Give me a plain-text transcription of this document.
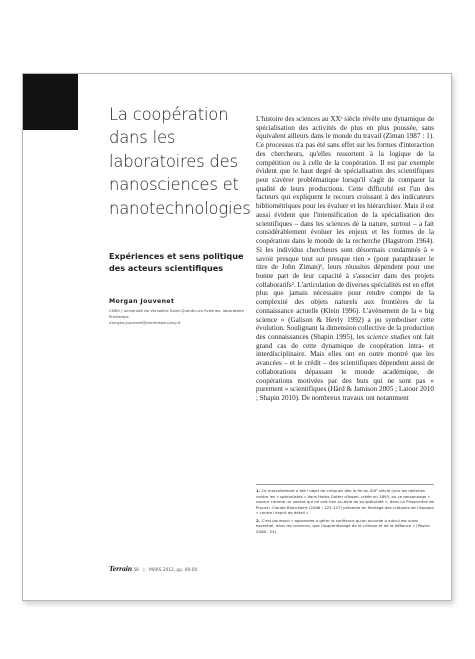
La coopération dans les laboratoires des nanosciences et nanotechnologies

Expériences et sens politique des acteurs scientifiques

Morgan Jouvenet

CNRS / université de Versailles Saint-Quentin-en-Yvelines, laboratoire Printemps

morgan.jouvenet@printemps.uvsq.fr

L'histoire des sciences au XXᵉ siècle révèle une dynamique de spécialisation des activités de plus en plus poussée, sans équivalent ailleurs dans le monde du travail (Ziman 1987 : 1). Ce processus n'a pas été sans effet sur les formes d'interaction des chercheurs, qu'elles ressortent à la logique de la compétition ou à celle de la coopération. Il est par exemple évident que le haut degré de spécialisation des scientifiques peut s'avérer problématique lorsqu'il s'agit de comparer la qualité de leurs productions. Cette difficulté est l'un des facteurs qui expliquent le recours croissant à des indicateurs bibliométriques pour les évaluer et les hiérarchiser. Mais il est aussi évident que l'intensification de la spécialisation des scientifiques – dans les sciences de la nature, surtout – a fait considérablement évoluer les enjeux et les formes de la coopération dans le monde de la recherche (Hagstrom 1964). Si les individus chercheurs sont désormais condamnés à « savoir presque tout sur presque rien » (pour paraphraser le titre de John Ziman)¹, leurs réussites dépendent pour une bonne part de leur capacité à s'associer dans des projets collaboratifs². L'articulation de diverses spécialités est en effet plus que jamais nécessaire pour rendre compte de la complexité des objets naturels aux frontières de la connaissance actuelle (Klein 1996). L'avènement de la « big science » (Galison & Hevly 1992) a pu symboliser cette évolution. Soulignant la dimension collective de la production des connaissances (Shapin 1995), les science studies ont fait grand cas de cette dynamique de coopération intra- et interdisciplinaire. Mais elles ont en outre montré que les avancées – et le crédit – des scientifiques dépendent aussi de collaborations dépassant le monde académique, de coopérations motivées par des buts qui ne sont pas « purement » scientifiques (Hård & Jamison 2005 ; Latour 2010 ; Shapin 2010). De nombreux travaux ont notamment

1. Ce morcellement a fait l'objet de critiques dès la fin du XIXᵉ siècle (voir les railleries contre les « spécialistes » dans Herbs Gotter d'Ibsen, créée en 1893, ou ce personnage « noceur comme un savant qui ne voit rien au-delà de sa spécialité », dans La Prisonnière de Proust). Claude Blanckaert (2006 : 125-127) présente en florilège des critiques de l'époque « contre l'esprit de détail ».

2. C'est pourquoi « apprendre à gérer la confiance qu'on accorde à autrui est aussi essentiel, dans les sciences, que l'apprentissage de la critique et de la défiance » (Pestre 2006 : 24).

Terrain 58 | MARS 2012, pp. 00-00
